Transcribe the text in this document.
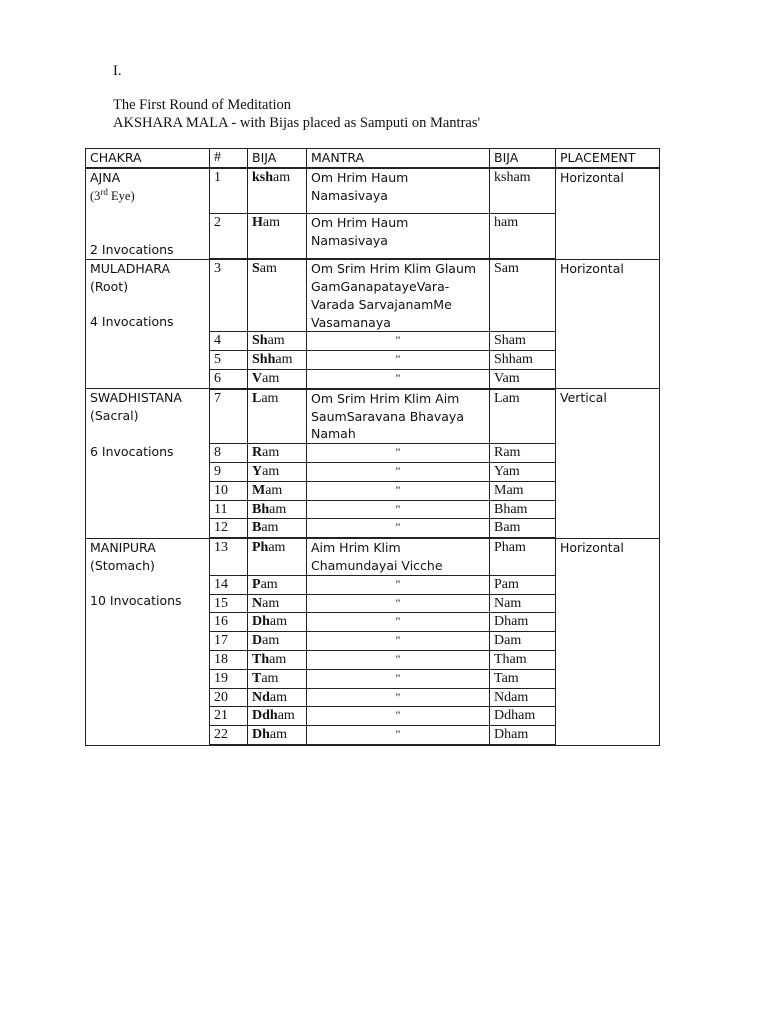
I.

The First Round of Meditation

AKSHARA MALA - with Bijas placed as Samputi on Mantras'

CHAKRA	#	BIJA	MANTRA	BIJA	PLACEMENT
AJNA
(3rd Eye)
2 Invocations	1	ksham	Om Hrim Haum Namasivaya	ksham	Horizontal
	2	Ham	Om Hrim Haum Namasivaya	ham	
MULADHARA
(Root)
4 Invocations	3	Sam	Om Srim Hrim Klim Glaum GamGanapatayeVara-Varada SarvajanamMe Vasamanaya	Sam	Horizontal
	4	Sham	"	Sham	
	5	Shham	"	Shham	
	6	Vam	"	Vam	
SWADHISTANA
(Sacral)
6 Invocations	7	Lam	Om Srim Hrim Klim Aim SaumSaravana Bhavaya Namah	Lam	Vertical
	8	Ram	"	Ram	
	9	Yam	"	Yam	
	10	Mam	"	Mam	
	11	Bham	"	Bham	
	12	Bam	"	Bam	
MANIPURA
(Stomach)
10 Invocations	13	Pham	Aim Hrim Klim Chamundayai Vicche	Pham	Horizontal
	14	Pam	"	Pam	
	15	Nam	"	Nam	
	16	Dham	"	Dham	
	17	Dam	"	Dam	
	18	Tham	"	Tham	
	19	Tam	"	Tam	
	20	Ndam	"	Ndam	
	21	Ddham	"	Ddham	
	22	Dham	"	Dham	
